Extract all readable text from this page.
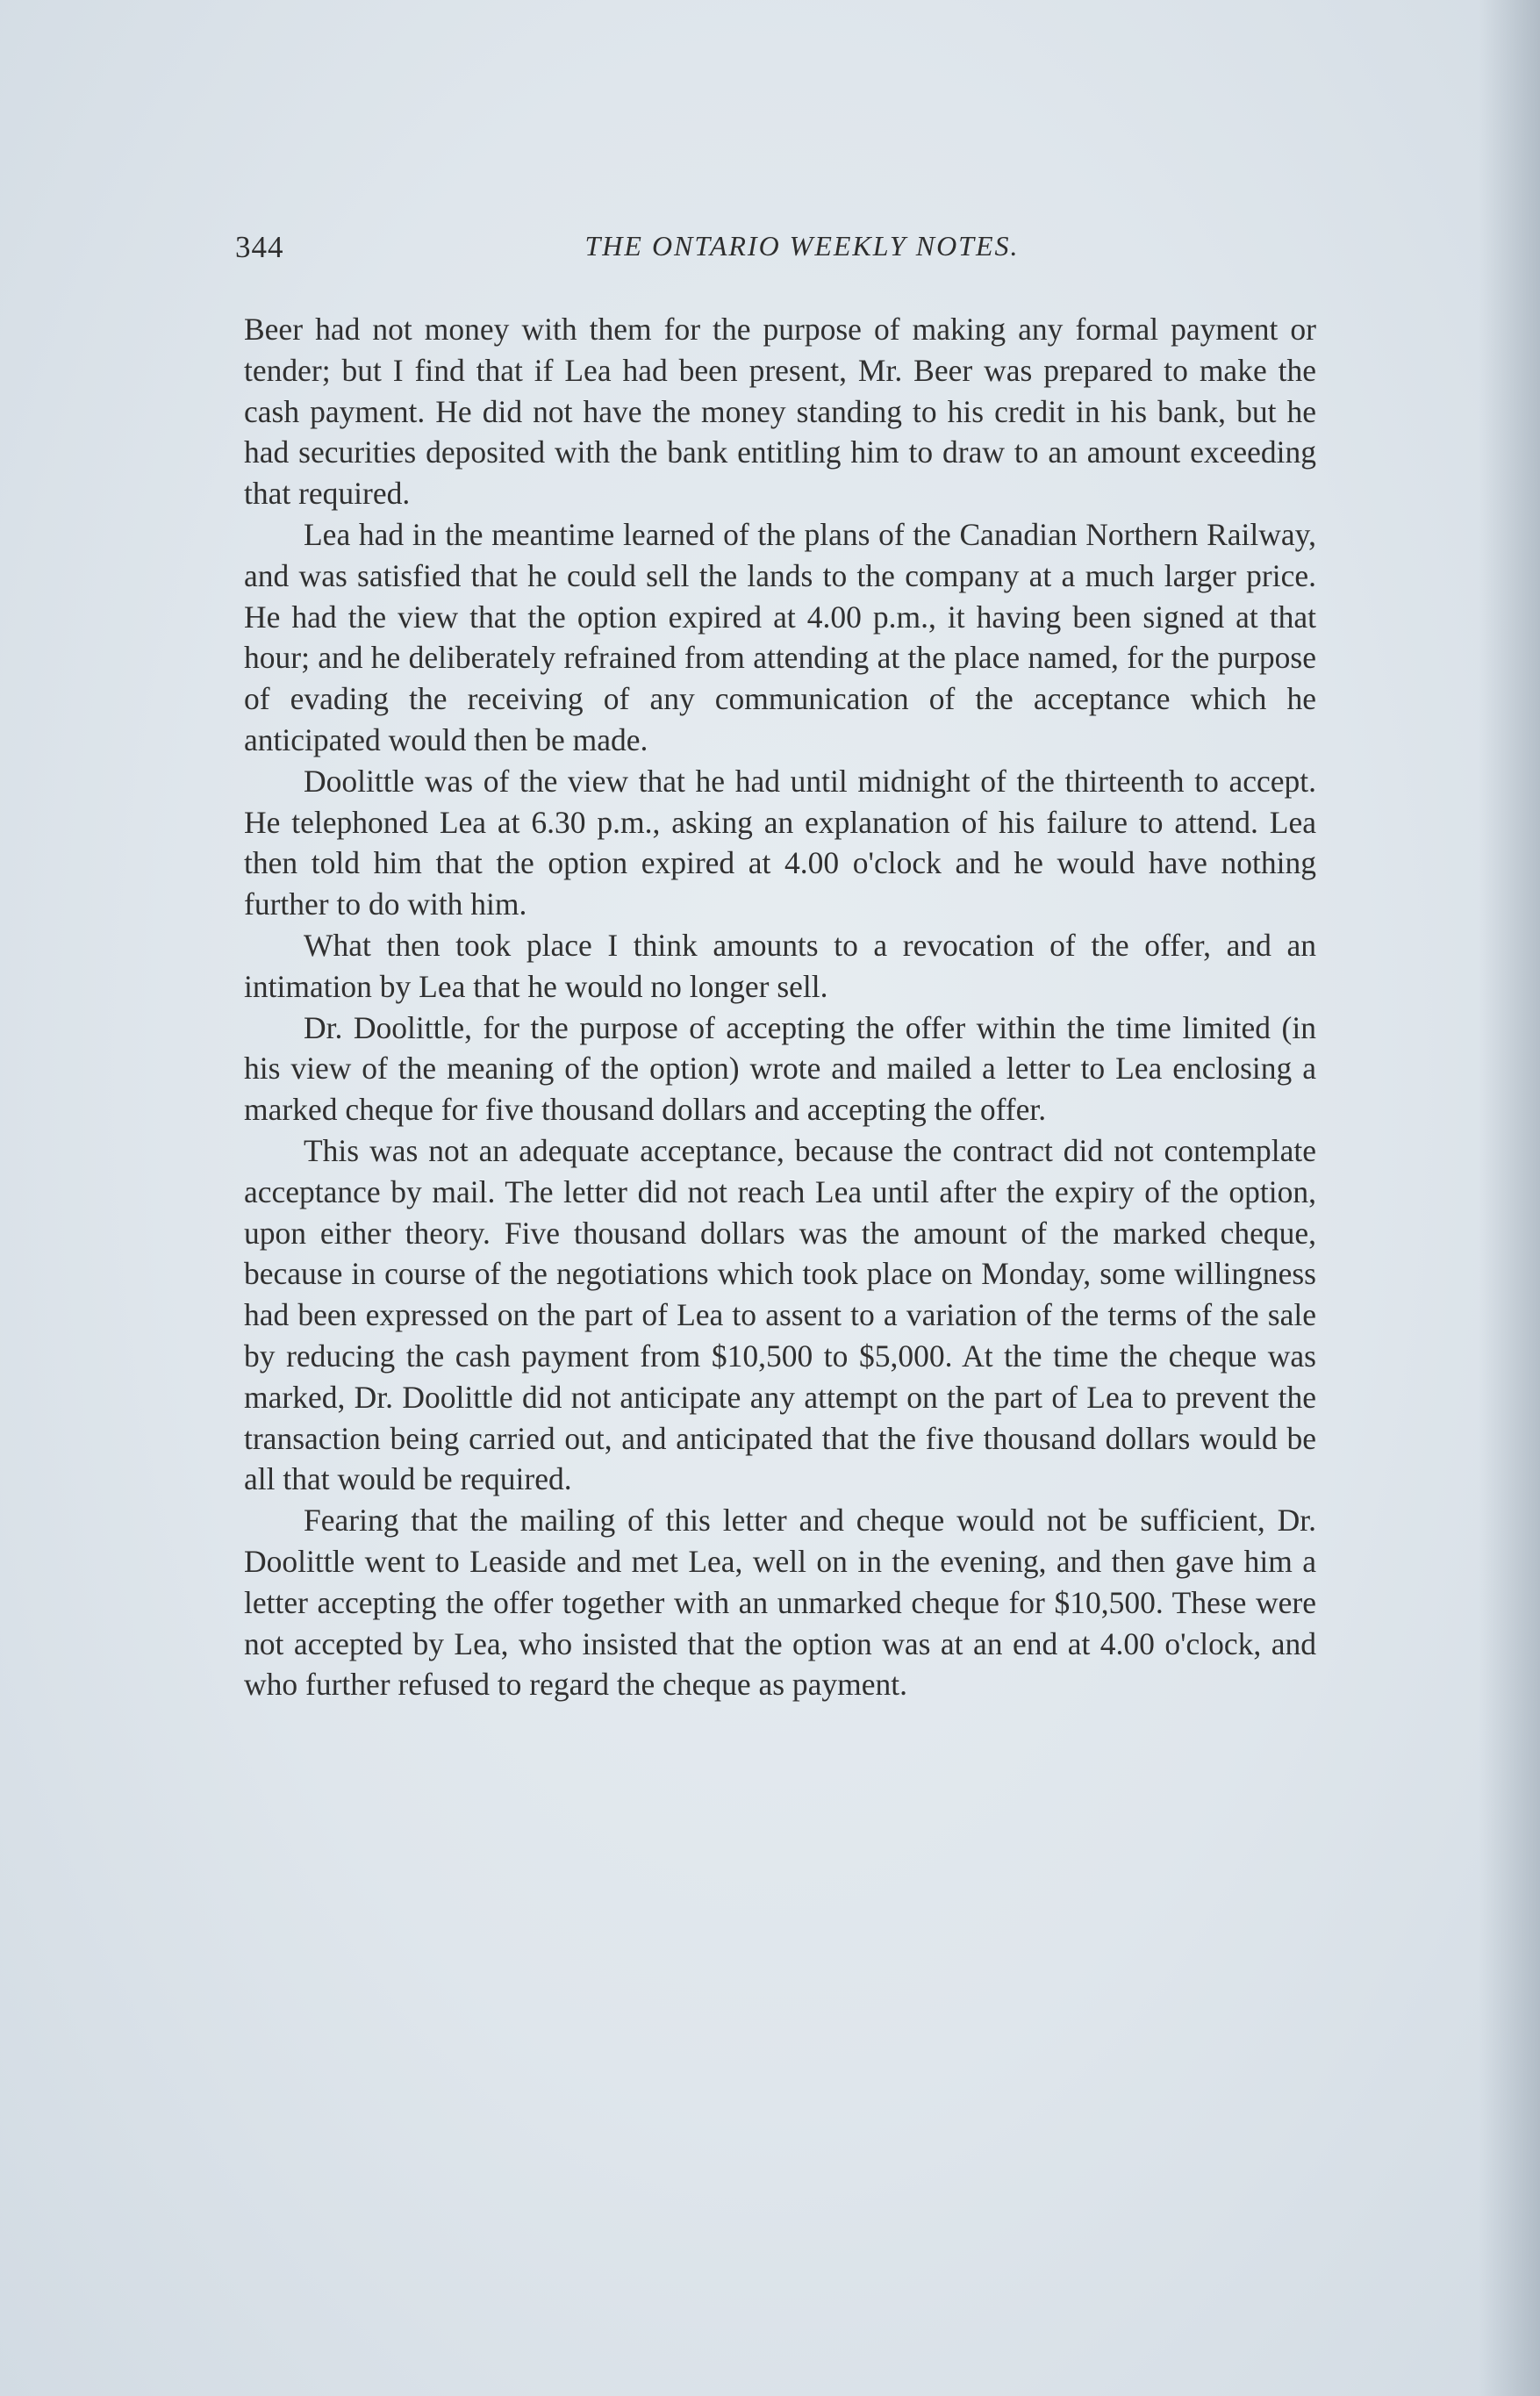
344	THE ONTARIO WEEKLY NOTES.

Beer had not money with them for the purpose of making any formal payment or tender; but I find that if Lea had been present, Mr. Beer was prepared to make the cash payment. He did not have the money standing to his credit in his bank, but he had securities deposited with the bank entitling him to draw to an amount exceeding that required.

Lea had in the meantime learned of the plans of the Canadian Northern Railway, and was satisfied that he could sell the lands to the company at a much larger price. He had the view that the option expired at 4.00 p.m., it having been signed at that hour; and he deliberately refrained from attending at the place named, for the purpose of evading the receiving of any communication of the acceptance which he anticipated would then be made.

Doolittle was of the view that he had until midnight of the thirteenth to accept. He telephoned Lea at 6.30 p.m., asking an explanation of his failure to attend. Lea then told him that the option expired at 4.00 o'clock and he would have nothing further to do with him.

What then took place I think amounts to a revocation of the offer, and an intimation by Lea that he would no longer sell.

Dr. Doolittle, for the purpose of accepting the offer within the time limited (in his view of the meaning of the option) wrote and mailed a letter to Lea enclosing a marked cheque for five thousand dollars and accepting the offer.

This was not an adequate acceptance, because the contract did not contemplate acceptance by mail. The letter did not reach Lea until after the expiry of the option, upon either theory. Five thousand dollars was the amount of the marked cheque, because in course of the negotiations which took place on Monday, some willingness had been expressed on the part of Lea to assent to a variation of the terms of the sale by reducing the cash payment from $10,500 to $5,000. At the time the cheque was marked, Dr. Doolittle did not anticipate any attempt on the part of Lea to prevent the transaction being carried out, and anticipated that the five thousand dollars would be all that would be required.

Fearing that the mailing of this letter and cheque would not be sufficient, Dr. Doolittle went to Leaside and met Lea, well on in the evening, and then gave him a letter accepting the offer together with an unmarked cheque for $10,500. These were not accepted by Lea, who insisted that the option was at an end at 4.00 o'clock, and who further refused to regard the cheque as payment.
